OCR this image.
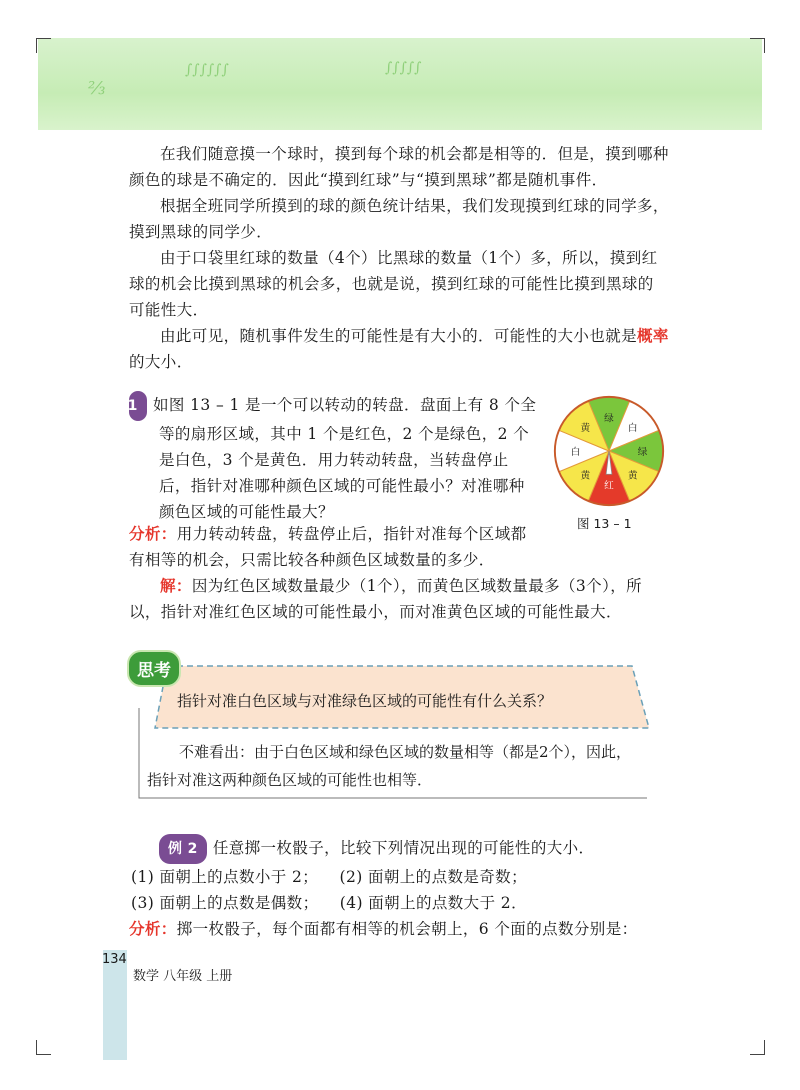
⅔
∫∫∫∫∫∫	∫∫∫∫∫

在我们随意摸一个球时，摸到每个球的机会都是相等的．但是，摸到哪种颜色的球是不确定的．因此“摸到红球”与“摸到黑球”都是随机事件．

根据全班同学所摸到的球的颜色统计结果，我们发现摸到红球的同学多，摸到黑球的同学少．

由于口袋里红球的数量（4个）比黑球的数量（1个）多，所以，摸到红球的机会比摸到黑球的机会多，也就是说，摸到红球的可能性比摸到黑球的可能性大．

由此可见，随机事件发生的可能性是有大小的．可能性的大小也就是概率的大小．

例 1 如图 13 – 1 是一个可以转动的转盘．盘面上有 8 个全等的扇形区域，其中 1 个是红色，2 个是绿色，2 个是白色，3 个是黄色．用力转动转盘，当转盘停止后，指针对准哪种颜色区域的可能性最小？对准哪种颜色区域的可能性最大？

分析：用力转动转盘，转盘停止后，指针对准每个区域都有相等的机会，只需比较各种颜色区域数量的多少．

解：因为红色区域数量最少（1个），而黄色区域数量最多（3个），所以，指针对准红色区域的可能性最小，而对准黄色区域的可能性最大．

绿
白
绿
黄
红
黄
白
黄
图 13 – 1
思考
指针对准白色区域与对准绿色区域的可能性有什么关系？

不难看出：由于白色区域和绿色区域的数量相等（都是2个），因此，指针对准这两种颜色区域的可能性也相等．

例 2 任意掷一枚骰子，比较下列情况出现的可能性的大小．

(1) 面朝上的点数小于 2； (2) 面朝上的点数是奇数；

(3) 面朝上的点数是偶数； (4) 面朝上的点数大于 2．

分析：掷一枚骰子，每个面都有相等的机会朝上，6 个面的点数分别是：

134
数学 八年级 上册
